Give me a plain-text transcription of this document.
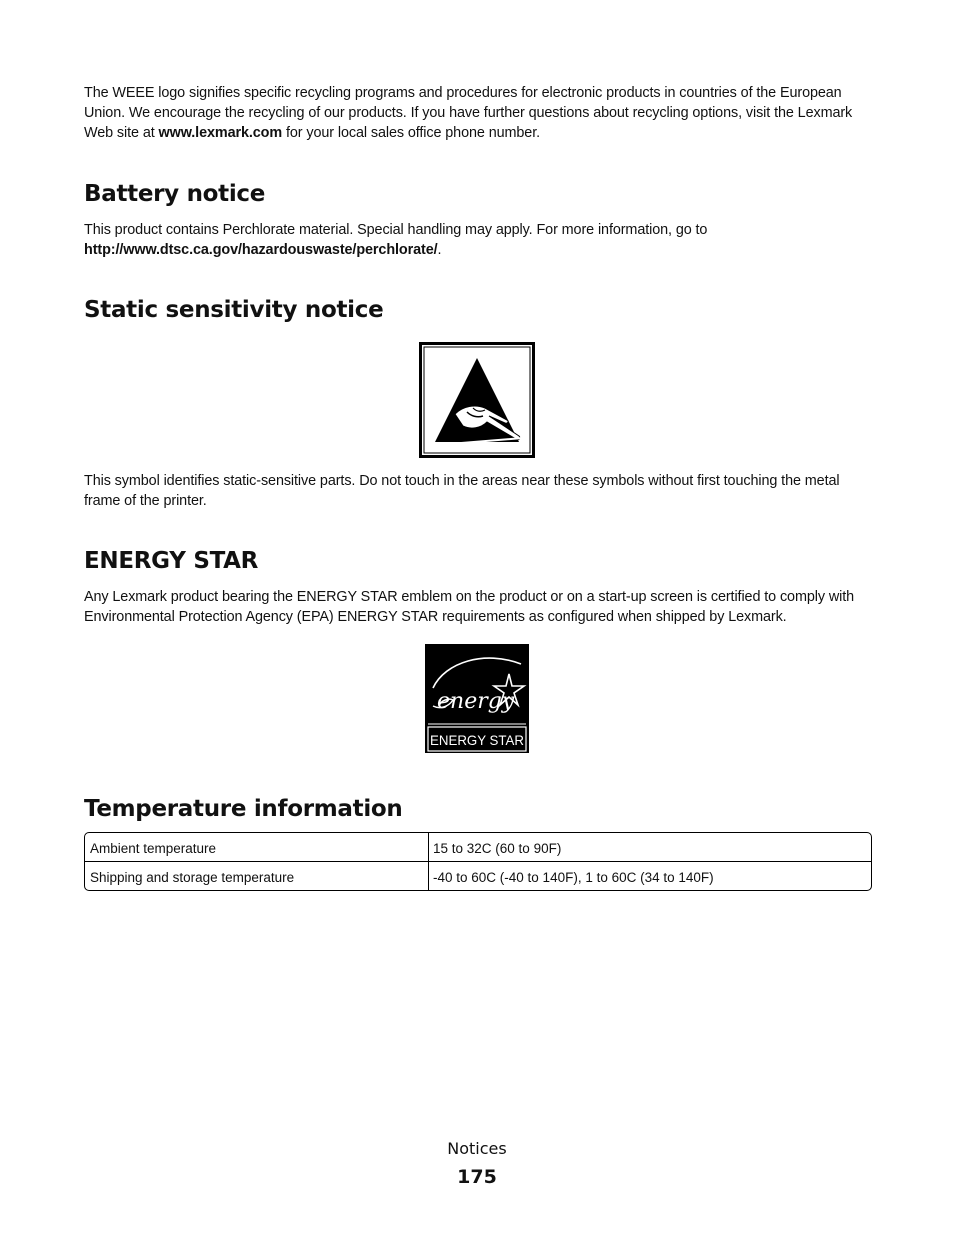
The WEEE logo signifies specific recycling programs and procedures for electronic products in countries of the European Union. We encourage the recycling of our products. If you have further questions about recycling options, visit the Lexmark Web site at www.lexmark.com for your local sales office phone number.

Battery notice

This product contains Perchlorate material. Special handling may apply. For more information, go to http://www.dtsc.ca.gov/hazardouswaste/perchlorate/.

Static sensitivity notice

This symbol identifies static-sensitive parts. Do not touch in the areas near these symbols without first touching the metal frame of the printer.

ENERGY STAR

Any Lexmark product bearing the ENERGY STAR emblem on the product or on a start-up screen is certified to comply with Environmental Protection Agency (EPA) ENERGY STAR requirements as configured when shipped by Lexmark.

energy
ENERGY STAR
Temperature information
Ambient temperature	15 to 32C (60 to 90F)
Shipping and storage temperature	-40 to 60C (-40 to 140F), 1 to 60C (34 to 140F)
Notices
175
